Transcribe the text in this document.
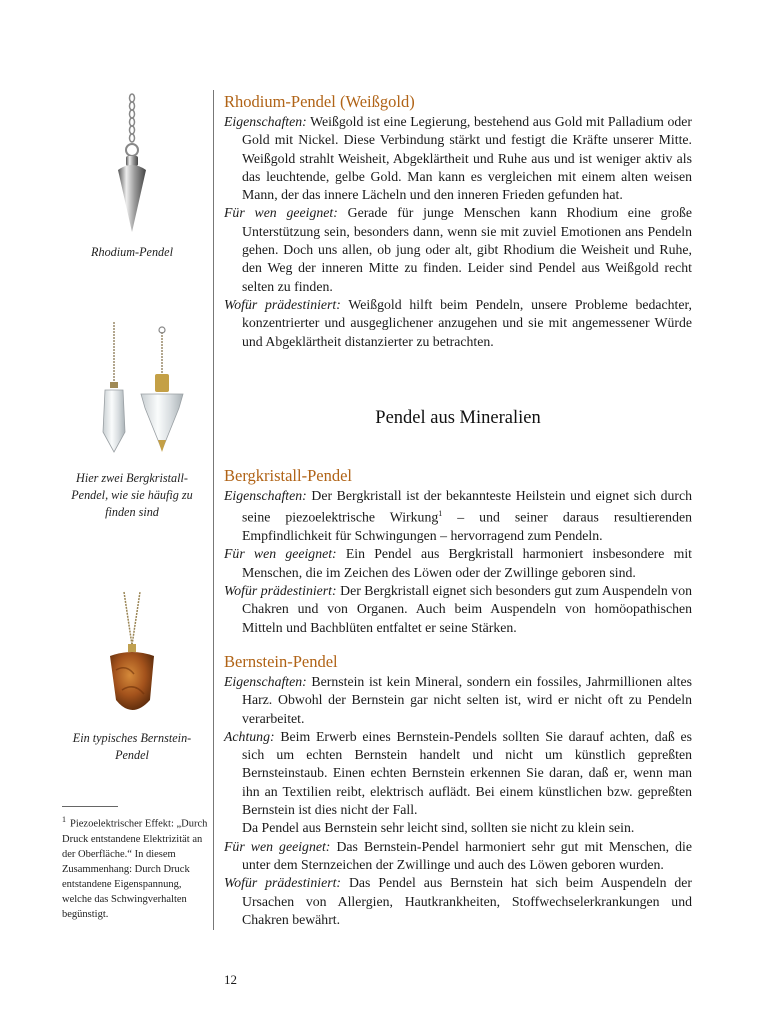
Rhodium-Pendel
Hier zwei Bergkristall-Pendel, wie sie häufig zu finden sind
Ein typisches Bernstein-Pendel
Rhodium-Pendel (Weißgold)

Eigenschaften: Weißgold ist eine Legierung, bestehend aus Gold mit Palladium oder Gold mit Nickel. Diese Verbindung stärkt und festigt die Kräfte unserer Mitte. Weißgold strahlt Weisheit, Abgeklärtheit und Ruhe aus und ist weniger aktiv als das leuchtende, gelbe Gold. Man kann es vergleichen mit einem alten weisen Mann, der das innere Lächeln und den inneren Frieden gefunden hat.

Für wen geeignet: Gerade für junge Menschen kann Rhodium eine große Unterstützung sein, besonders dann, wenn sie mit zuviel Emotionen ans Pendeln gehen. Doch uns allen, ob jung oder alt, gibt Rhodium die Weisheit und Ruhe, den Weg der inneren Mitte zu finden. Leider sind Pendel aus Weißgold recht selten zu finden.

Wofür prädestiniert: Weißgold hilft beim Pendeln, unsere Probleme bedachter, konzentrierter und ausgeglichener anzugehen und sie mit angemessener Würde und Abgeklärtheit distanzierter zu betrachten.

Pendel aus Mineralien
Bergkristall-Pendel

Eigenschaften: Der Bergkristall ist der bekannteste Heilstein und eignet sich durch seine piezoelektrische Wirkung$^1$ – und seiner daraus resultierenden Empfindlichkeit für Schwingungen – hervorragend zum Pendeln.

Für wen geeignet: Ein Pendel aus Bergkristall harmoniert insbesondere mit Menschen, die im Zeichen des Löwen oder der Zwillinge geboren sind.

Wofür prädestiniert: Der Bergkristall eignet sich besonders gut zum Auspendeln von Chakren und von Organen. Auch beim Auspendeln von homöopathischen Mitteln und Bachblüten entfaltet er seine Stärken.

Bernstein-Pendel

Eigenschaften: Bernstein ist kein Mineral, sondern ein fossiles, Jahrmillionen altes Harz. Obwohl der Bernstein gar nicht selten ist, wird er nicht oft zu Pendeln verarbeitet.

Achtung: Beim Erwerb eines Bernstein-Pendels sollten Sie darauf achten, daß es sich um echten Bernstein handelt und nicht um künstlich gepreßten Bernsteinstaub. Einen echten Bernstein erkennen Sie daran, daß er, wenn man ihn an Textilien reibt, elektrisch auflädt. Bei einem künstlichen bzw. gepreßten Bernstein ist dies nicht der Fall.

Da Pendel aus Bernstein sehr leicht sind, sollten sie nicht zu klein sein.

Für wen geeignet: Das Bernstein-Pendel harmoniert sehr gut mit Menschen, die unter dem Sternzeichen der Zwillinge und auch des Löwen geboren wurden.

Wofür prädestiniert: Das Pendel aus Bernstein hat sich beim Auspendeln der Ursachen von Allergien, Hautkrankheiten, Stoffwechselerkrankungen und Chakren bewährt.

$^1$ Piezoelektrischer Effekt: „Durch Druck entstandene Elektrizität an der Oberfläche.“ In diesem Zusammenhang: Durch Druck entstandene Eigenspannung, welche das Schwingverhalten begünstigt.
12
